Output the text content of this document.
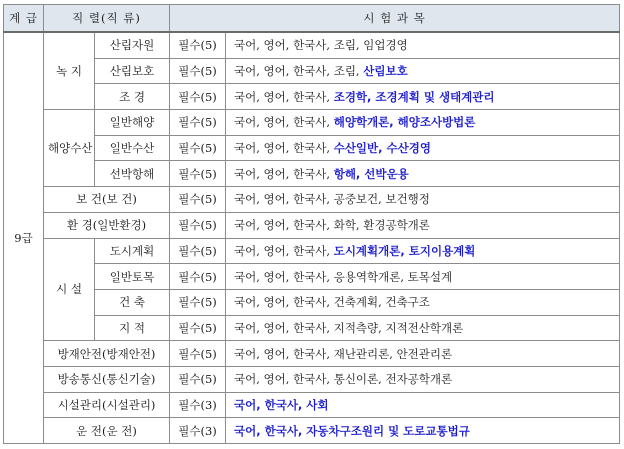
계 급	직 렬(직 류)		시 험 과 목	
9급	녹 지	산림자원	필수(5)	국어, 영어, 한국사, 조림, 임업경영
		산림보호	필수(5)	국어, 영어, 한국사, 조림, 산림보호
		조 경	필수(5)	국어, 영어, 한국사, 조경학, 조경계획 및 생태계관리
	해양수산	일반해양	필수(5)	국어, 영어, 한국사, 해양학개론, 해양조사방법론
		일반수산	필수(5)	국어, 영어, 한국사, 수산일반, 수산경영
		선박항해	필수(5)	국어, 영어, 한국사, 항해, 선박운용
	보 건(보 건)		필수(5)	국어, 영어, 한국사, 공중보건, 보건행정
	환 경(일반환경)		필수(5)	국어, 영어, 한국사, 화학, 환경공학개론
	시 설	도시계획	필수(5)	국어, 영어, 한국사, 도시계획개론, 토지이용계획
		일반토목	필수(5)	국어, 영어, 한국사, 응용역학개론, 토목설계
		건 축	필수(5)	국어, 영어, 한국사, 건축계획, 건축구조
		지 적	필수(5)	국어, 영어, 한국사, 지적측량, 지적전산학개론
	방재안전(방재안전)		필수(5)	국어, 영어, 한국사, 재난관리론, 안전관리론
	방송통신(통신기술)		필수(5)	국어, 영어, 한국사, 통신이론, 전자공학개론
	시설관리(시설관리)		필수(3)	국어, 한국사, 사회
	운 전(운 전)		필수(3)	국어, 한국사, 자동차구조원리 및 도로교통법규
